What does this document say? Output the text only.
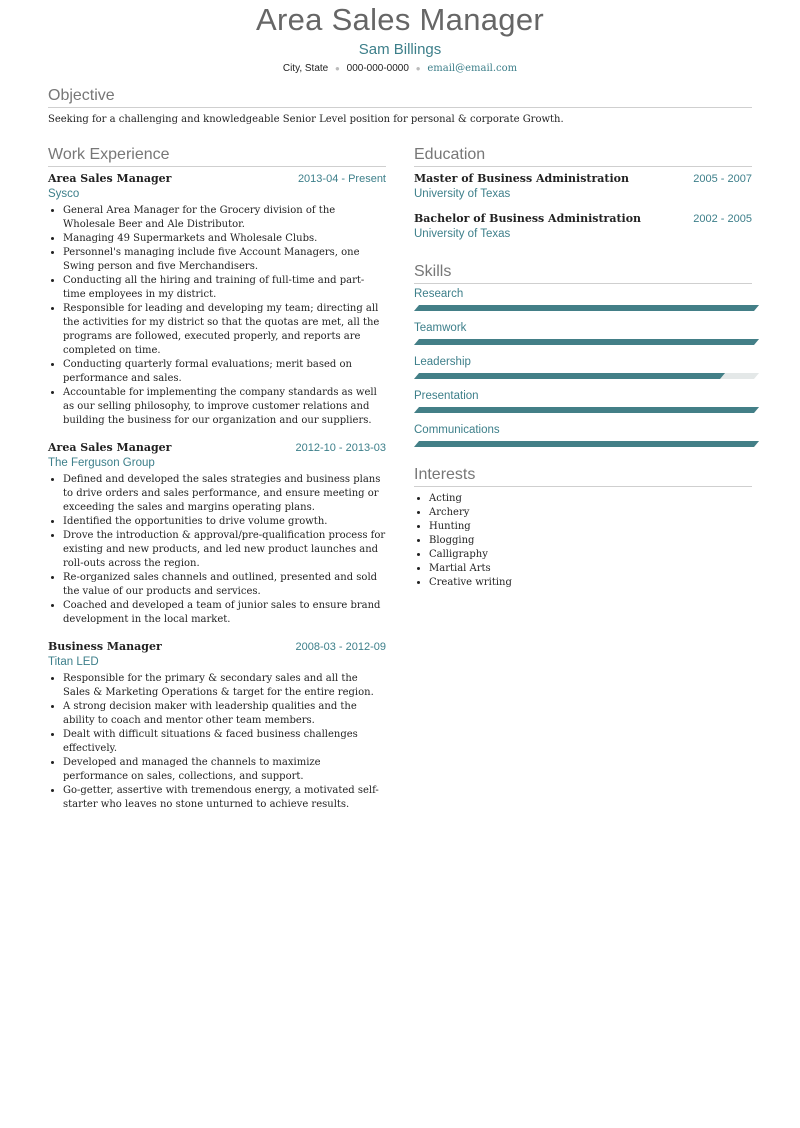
Area Sales Manager
Sam Billings
City, State ● 000-000-0000 ● email@email.com
Objective
Seeking for a challenging and knowledgeable Senior Level position for personal & corporate Growth.
Work Experience
Area Sales Manager	2013-04 - Present
Sysco
• General Area Manager for the Grocery division of the Wholesale Beer and Ale Distributor.
• Managing 49 Supermarkets and Wholesale Clubs.
• Personnel's managing include five Account Managers, one Swing person and five Merchandisers.
• Conducting all the hiring and training of full-time and part-time employees in my district.
• Responsible for leading and developing my team; directing all the activities for my district so that the quotas are met, all the programs are followed, executed properly, and reports are completed on time.
• Conducting quarterly formal evaluations; merit based on performance and sales.
• Accountable for implementing the company standards as well as our selling philosophy, to improve customer relations and building the business for our organization and our suppliers.
Area Sales Manager	2012-10 - 2013-03
The Ferguson Group
• Defined and developed the sales strategies and business plans to drive orders and sales performance, and ensure meeting or exceeding the sales and margins operating plans.
• Identified the opportunities to drive volume growth.
• Drove the introduction & approval/pre-qualification process for existing and new products, and led new product launches and roll-outs across the region.
• Re-organized sales channels and outlined, presented and sold the value of our products and services.
• Coached and developed a team of junior sales to ensure brand development in the local market.
Business Manager	2008-03 - 2012-09
Titan LED
• Responsible for the primary & secondary sales and all the Sales & Marketing Operations & target for the entire region.
• A strong decision maker with leadership qualities and the ability to coach and mentor other team members.
• Dealt with difficult situations & faced business challenges effectively.
• Developed and managed the channels to maximize performance on sales, collections, and support.
• Go-getter, assertive with tremendous energy, a motivated self-starter who leaves no stone unturned to achieve results.
Education
Master of Business Administration	2005 - 2007
University of Texas
Bachelor of Business Administration	2002 - 2005
University of Texas
Skills
Research
Teamwork
Leadership
Presentation
Communications
Interests
• Acting
• Archery
• Hunting
• Blogging
• Calligraphy
• Martial Arts
• Creative writing
